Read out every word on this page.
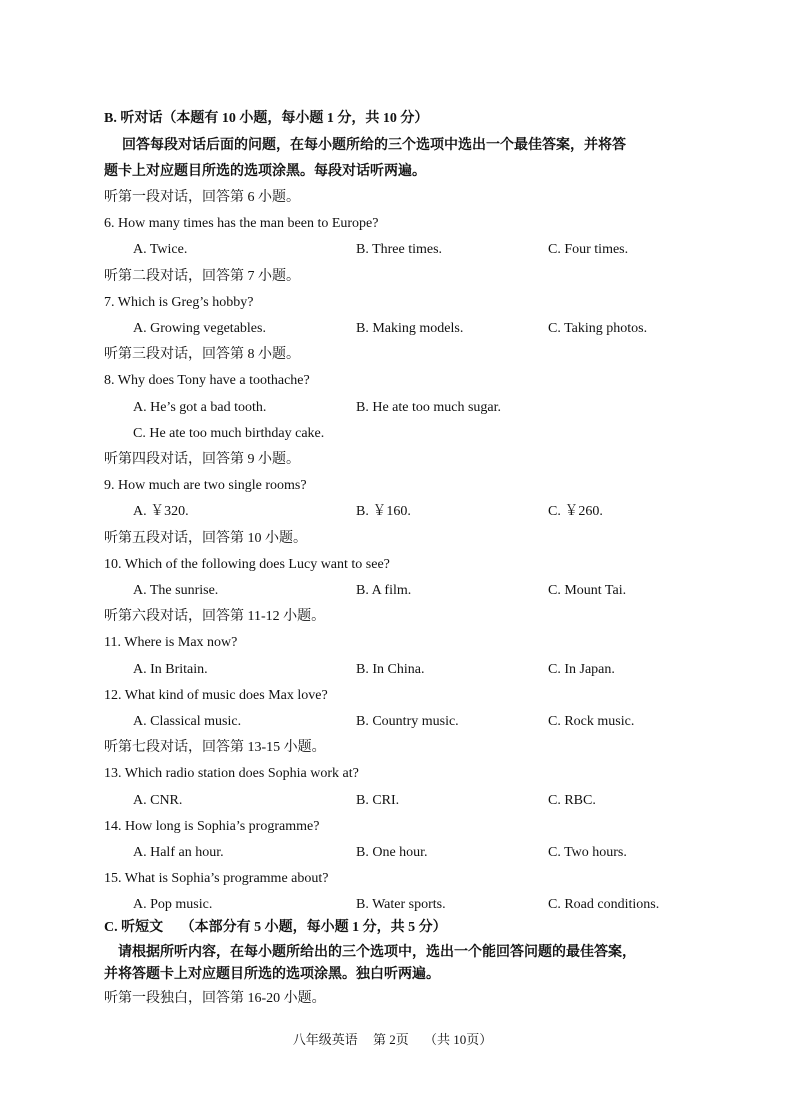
B. 听对话（本题有 10 小题，每小题 1 分，共 10 分）
回答每段对话后面的问题，在每小题所给的三个选项中选出一个最佳答案，并将答
题卡上对应题目所选的选项涂黑。每段对话听两遍。
听第一段对话，回答第 6 小题。
6. How many times has the man been to Europe?
A. Twice.	B. Three times.	C. Four times.
听第二段对话，回答第 7 小题。
7. Which is Greg’s hobby?
A. Growing vegetables.	B. Making models.	C. Taking photos.
听第三段对话，回答第 8 小题。
8. Why does Tony have a toothache?
A. He’s got a bad tooth.	B. He ate too much sugar.
C. He ate too much birthday cake.
听第四段对话，回答第 9 小题。
9. How much are two single rooms?
A. ￥320.	B. ￥160.	C. ￥260.
听第五段对话，回答第 10 小题。
10. Which of the following does Lucy want to see?
A. The sunrise.	B. A film.	C. Mount Tai.
听第六段对话，回答第 11-12 小题。
11. Where is Max now?
A. In Britain.	B. In China.	C. In Japan.
12. What kind of music does Max love?
A. Classical music.	B. Country music.	C. Rock music.
听第七段对话，回答第 13-15 小题。
13. Which radio station does Sophia work at?
A. CNR.	B. CRI.	C. RBC.
14. How long is Sophia’s programme?
A. Half an hour.	B. One hour.	C. Two hours.
15. What is Sophia’s programme about?
A. Pop music.	B. Water sports.	C. Road conditions.
C. 听短文　 （本部分有 5 小题，每小题 1 分，共 5 分）
请根据所听内容，在每小题所给出的三个选项中，选出一个能回答问题的最佳答案，
并将答题卡上对应题目所选的选项涂黑。独白听两遍。
听第一段独白，回答第 16-20 小题。
八年级英语 第 2页 （共 10页）
